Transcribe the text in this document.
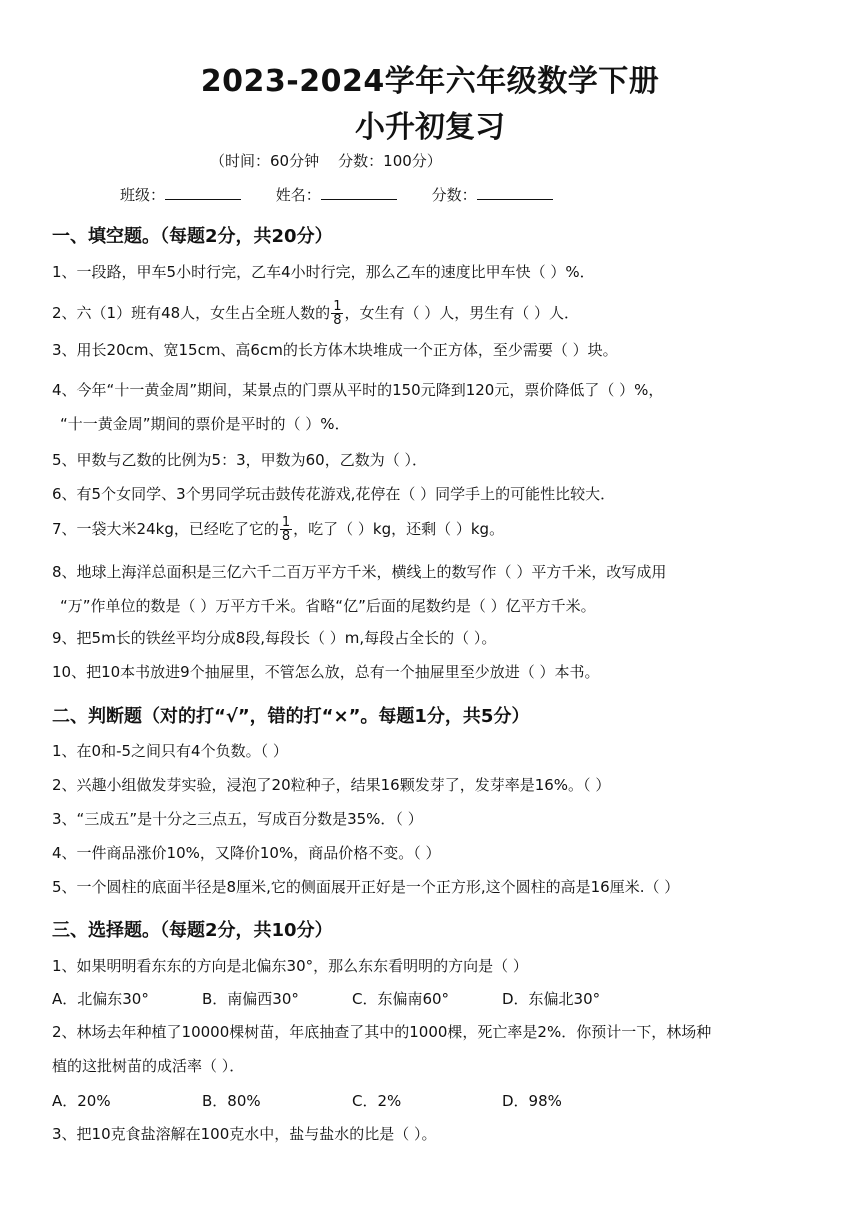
2023-2024学年六年级数学下册
小升初复习
（时间：60分钟    分数：100分）
班级：	姓名：	分数：
一、填空题。（每题2分，共20分）
1、一段路，甲车5小时行完，乙车4小时行完，那么乙车的速度比甲车快（ ）%．
2、六（1）班有48人，女生占全班人数的 $\frac{1}{8}$ ，女生有（ ）人，男生有（ ）人．
3、用长20cm、宽15cm、高6cm的长方体木块堆成一个正方体，至少需要（ ）块。
4、今年“十一黄金周”期间，某景点的门票从平时的150元降到120元，票价降低了（ ）%，
“十一黄金周”期间的票价是平时的（ ）%．
5、甲数与乙数的比例为5：3，甲数为60，乙数为（ ）．
6、有5个女同学、3个男同学玩击鼓传花游戏,花停在（ ）同学手上的可能性比较大．
7、一袋大米24kg，已经吃了它的 $\frac{1}{8}$ ，吃了（ ）kg，还剩（ ）kg。
8、地球上海洋总面积是三亿六千二百万平方千米，横线上的数写作（ ）平方千米，改写成用
“万”作单位的数是（ ）万平方千米。省略“亿”后面的尾数约是（ ）亿平方千米。
9、把5m长的铁丝平均分成8段,每段长（ ）m,每段占全长的（ ）。
10、把10本书放进9个抽屉里，不管怎么放，总有一个抽屉里至少放进（ ）本书。
二、判断题（对的打“√”，错的打“×”。每题1分，共5分）
1、在0和-5之间只有4个负数。（ ）
2、兴趣小组做发芽实验，浸泡了20粒种子，结果16颗发芽了，发芽率是16%。（ ）
3、“三成五”是十分之三点五，写成百分数是35%．（ ）
4、一件商品涨价10%，又降价10%，商品价格不变。（ ）
5、一个圆柱的底面半径是8厘米,它的侧面展开正好是一个正方形,这个圆柱的高是16厘米.（ ）
三、选择题。（每题2分，共10分）
1、如果明明看东东的方向是北偏东30°，那么东东看明明的方向是（ ）
A．北偏东30°	B．南偏西30°	C．东偏南60°	D．东偏北30°
2、林场去年种植了10000棵树苗，年底抽查了其中的1000棵，死亡率是2%．你预计一下，林场种
植的这批树苗的成活率（ ）．
A．20%	B．80%	C．2%	D．98%
3、把10克食盐溶解在100克水中，盐与盐水的比是（ ）。
